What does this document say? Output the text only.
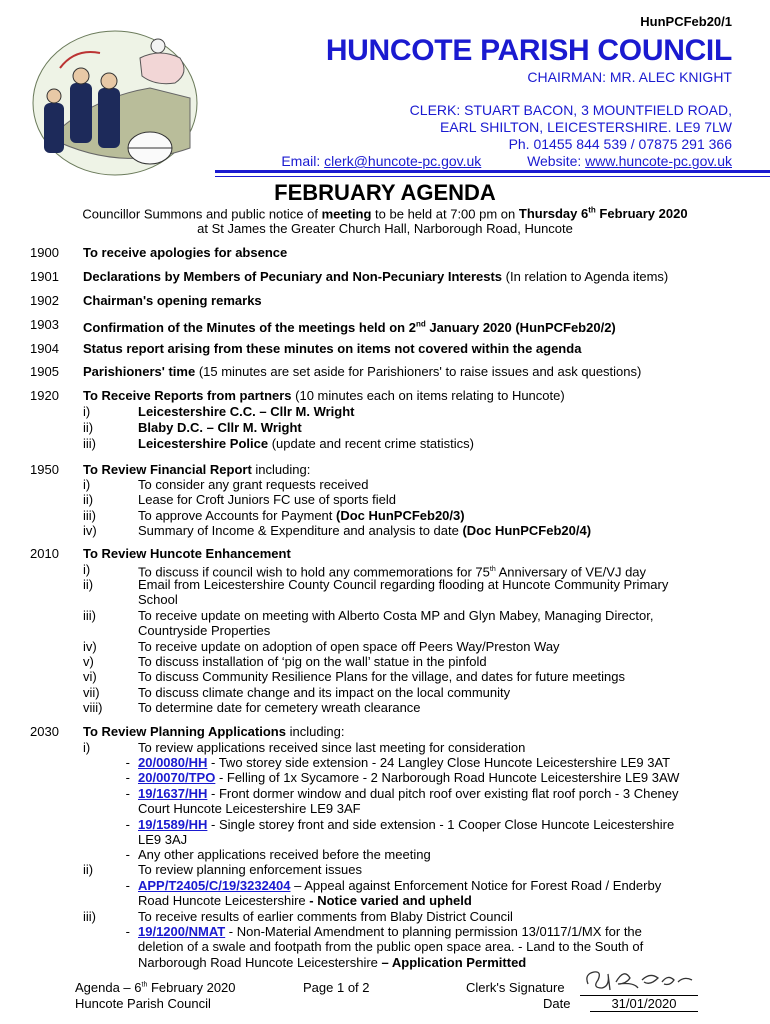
HunPCFeb20/1
HUNCOTE PARISH COUNCIL
CHAIRMAN: MR. ALEC KNIGHT
CLERK: STUART BACON, 3 MOUNTFIELD ROAD,
EARL SHILTON, LEICESTERSHIRE. LE9 7LW
Ph. 01455 844 539 / 07875 291 366
Email: clerk@huncote-pc.gov.uk	Website: www.huncote-pc.gov.uk
FEBRUARY AGENDA
Councillor Summons and public notice of meeting to be held at 7:00 pm on Thursday 6th February 2020
at St James the Greater Church Hall, Narborough Road, Huncote
1900	To receive apologies for absence
1901	Declarations by Members of Pecuniary and Non-Pecuniary Interests (In relation to Agenda items)
1902	Chairman's opening remarks
1903	Confirmation of the Minutes of the meetings held on 2nd January 2020 (HunPCFeb20/2)
1904	Status report arising from these minutes on items not covered within the agenda
1905	Parishioners' time (15 minutes are set aside for Parishioners' to raise issues and ask questions)
1920	To Receive Reports from partners (10 minutes each on items relating to Huncote)
i)	Leicestershire C.C. – Cllr M. Wright
ii)	Blaby D.C. – Cllr M. Wright
iii)	Leicestershire Police (update and recent crime statistics)
1950	To Review Financial Report including:
i)	To consider any grant requests received
ii)	Lease for Croft Juniors FC use of sports field
iii)	To approve Accounts for Payment (Doc HunPCFeb20/3)
iv)	Summary of Income & Expenditure and analysis to date (Doc HunPCFeb20/4)
2010	To Review Huncote Enhancement
i)	To discuss if council wish to hold any commemorations for 75th Anniversary of VE/VJ day
ii)	Email from Leicestershire County Council regarding flooding at Huncote Community Primary
School
iii)	To receive update on meeting with Alberto Costa MP and Glyn Mabey, Managing Director,
Countryside Properties
iv)	To receive update on adoption of open space off Peers Way/Preston Way
v)	To discuss installation of ‘pig on the wall’ statue in the pinfold
vi)	To discuss Community Resilience Plans for the village, and dates for future meetings
vii)	To discuss climate change and its impact on the local community
viii)	To determine date for cemetery wreath clearance
2030	To Review Planning Applications including:
i)	To review applications received since last meeting for consideration
- 20/0080/HH - Two storey side extension - 24 Langley Close Huncote Leicestershire LE9 3AT
- 20/0070/TPO - Felling of 1x Sycamore - 2 Narborough Road Huncote Leicestershire LE9 3AW
- 19/1637/HH - Front dormer window and dual pitch roof over existing flat roof porch - 3 Cheney
Court Huncote Leicestershire LE9 3AF
- 19/1589/HH - Single storey front and side extension - 1 Cooper Close Huncote Leicestershire
LE9 3AJ
- Any other applications received before the meeting
ii)	To review planning enforcement issues
- APP/T2405/C/19/3232404 – Appeal against Enforcement Notice for Forest Road / Enderby
Road Huncote Leicestershire - Notice varied and upheld
iii)	To receive results of earlier comments from Blaby District Council
- 19/1200/NMAT - Non-Material Amendment to planning permission 13/0117/1/MX for the
deletion of a swale and footpath from the public open space area. - Land to the South of
Narborough Road Huncote Leicestershire – Application Permitted
Agenda – 6th February 2020
Huncote Parish Council
Page 1 of 2	Clerk's Signature
Date	31/01/2020
